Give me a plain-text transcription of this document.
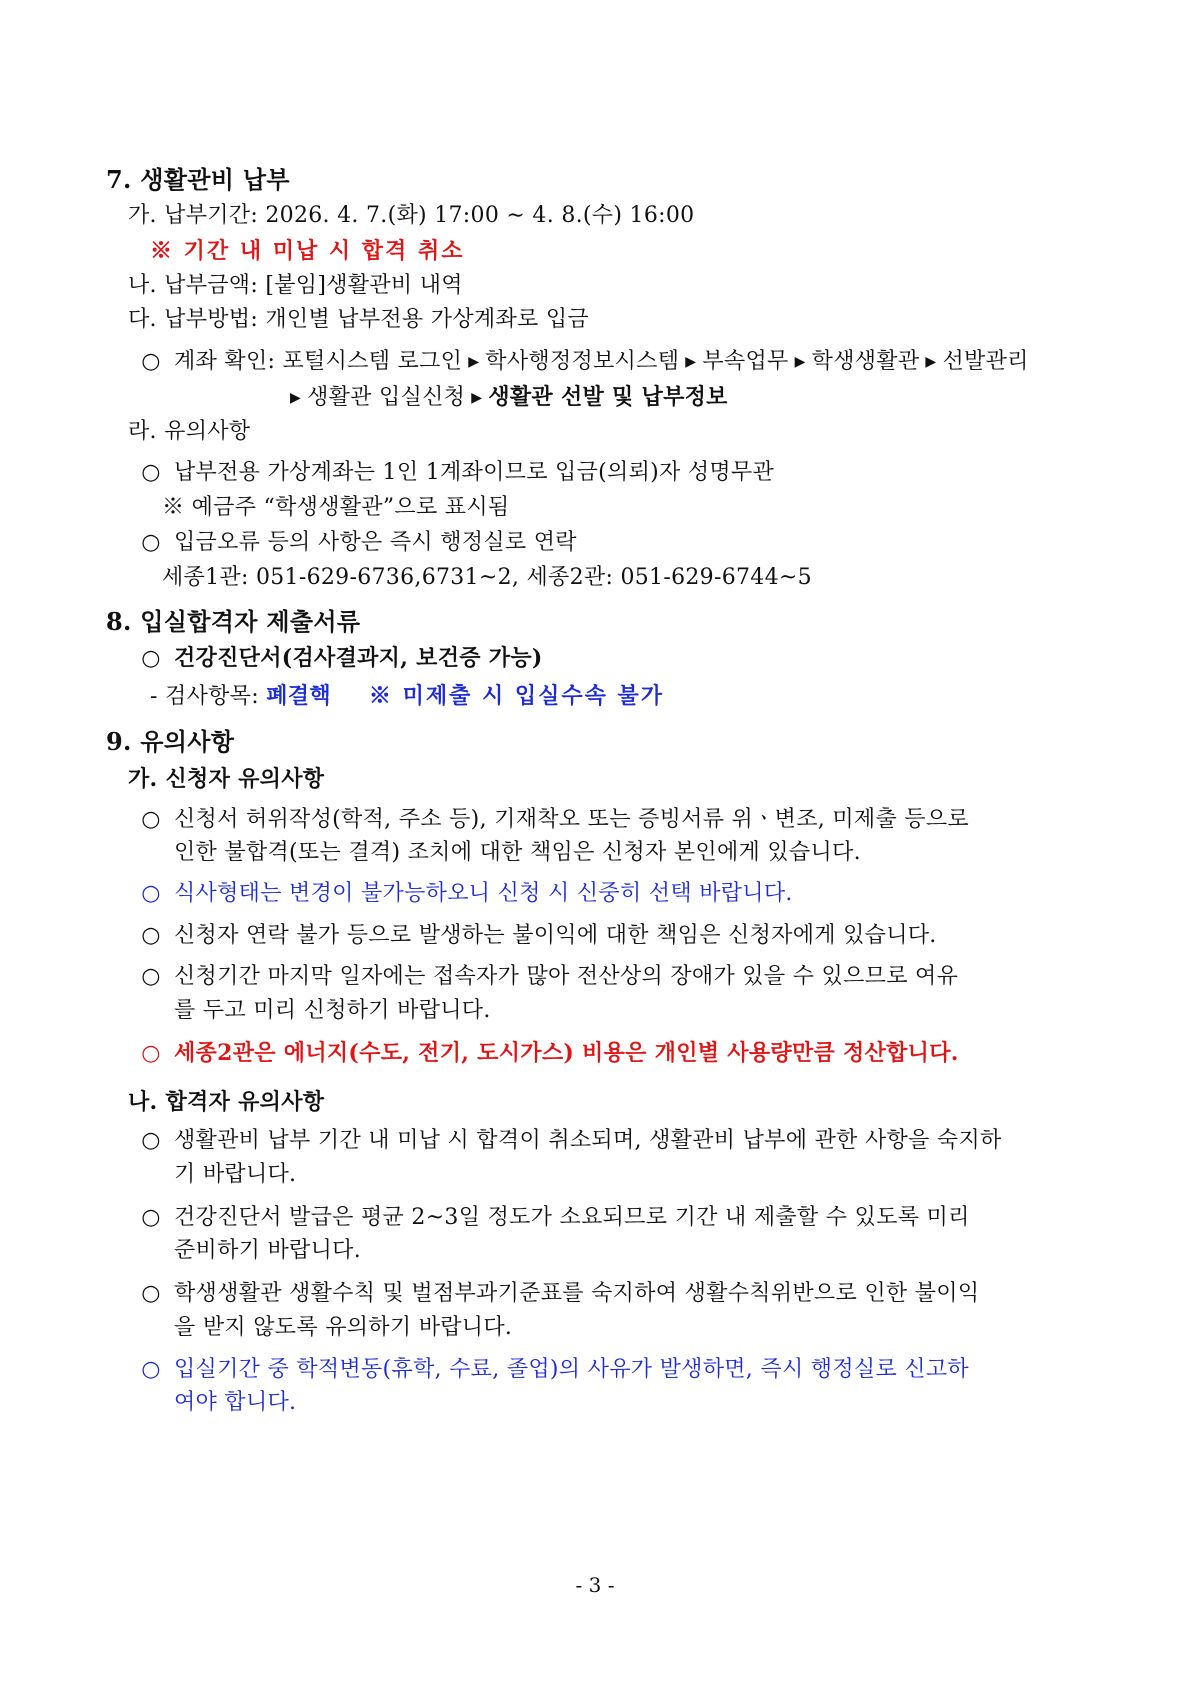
7. 생활관비 납부
가. 납부기간: 2026. 4. 7.(화) 17:00 ∼ 4. 8.(수) 16:00
※ 기간 내 미납 시 합격 취소
나. 납부금액: [붙임]생활관비 내역
다. 납부방법: 개인별 납부전용 가상계좌로 입금
○ 계좌 확인: 포털시스템 로그인 ▶ 학사행정정보시스템 ▶ 부속업무 ▶ 학생생활관 ▶ 선발관리
▶ 생활관 입실신청 ▶ 생활관 선발 및 납부정보
라. 유의사항
○ 납부전용 가상계좌는 1인 1계좌이므로 입금(의뢰)자 성명무관
※ 예금주 “학생생활관”으로 표시됨
○ 입금오류 등의 사항은 즉시 행정실로 연락
세종1관: 051-629-6736,6731~2, 세종2관: 051-629-6744~5
8. 입실합격자 제출서류
○ 건강진단서(검사결과지, 보건증 가능)
- 검사항목: 폐결핵 ※ 미제출 시 입실수속 불가
9. 유의사항
가. 신청자 유의사항
○ 신청서 허위작성(학적, 주소 등), 기재착오 또는 증빙서류 위ㆍ변조, 미제출 등으로
인한 불합격(또는 결격) 조치에 대한 책임은 신청자 본인에게 있습니다.
○ 식사형태는 변경이 불가능하오니 신청 시 신중히 선택 바랍니다.
○ 신청자 연락 불가 등으로 발생하는 불이익에 대한 책임은 신청자에게 있습니다.
○ 신청기간 마지막 일자에는 접속자가 많아 전산상의 장애가 있을 수 있으므로 여유
를 두고 미리 신청하기 바랍니다.
○ 세종2관은 에너지(수도, 전기, 도시가스) 비용은 개인별 사용량만큼 정산합니다.
나. 합격자 유의사항
○ 생활관비 납부 기간 내 미납 시 합격이 취소되며, 생활관비 납부에 관한 사항을 숙지하
기 바랍니다.
○ 건강진단서 발급은 평균 2~3일 정도가 소요되므로 기간 내 제출할 수 있도록 미리
준비하기 바랍니다.
○ 학생생활관 생활수칙 및 벌점부과기준표를 숙지하여 생활수칙위반으로 인한 불이익
을 받지 않도록 유의하기 바랍니다.
○ 입실기간 중 학적변동(휴학, 수료, 졸업)의 사유가 발생하면, 즉시 행정실로 신고하
여야 합니다.
- 3 -
